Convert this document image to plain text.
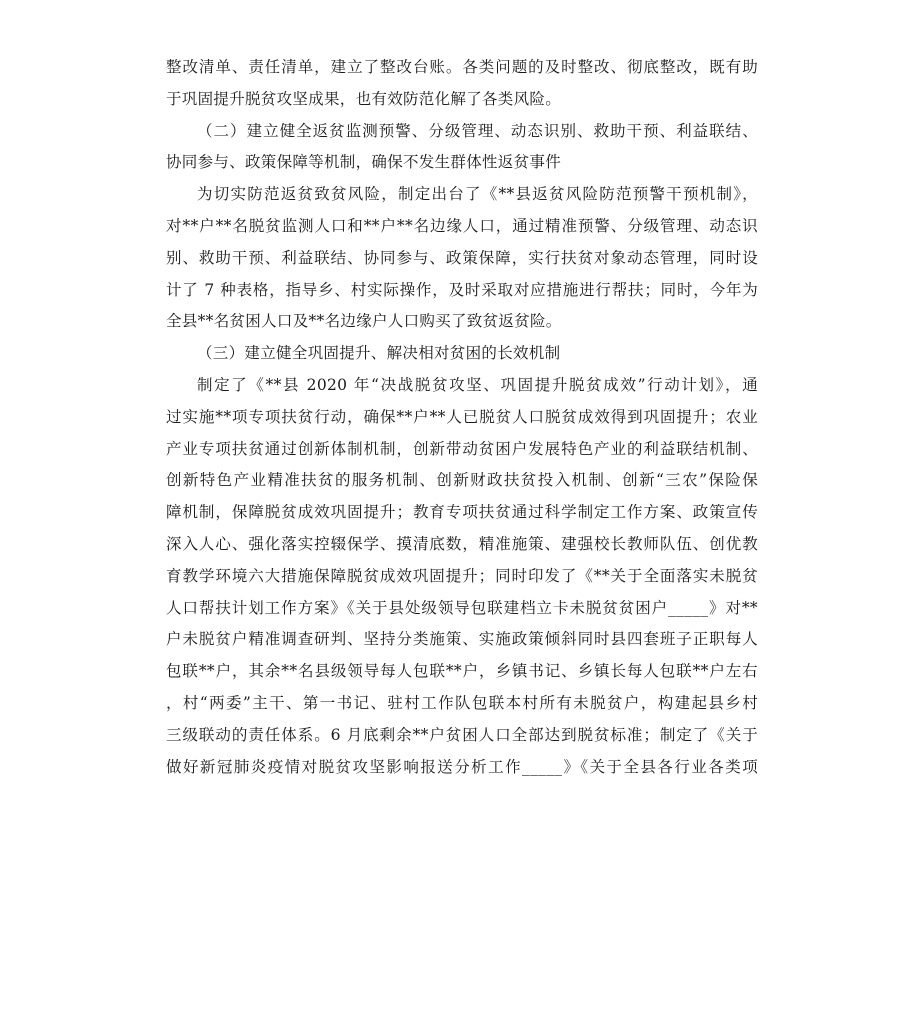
整改清单、责任清单，建立了整改台账。各类问题的及时整改、彻底整改，既有助
于巩固提升脱贫攻坚成果，也有效防范化解了各类风险。
（二）建立健全返贫监测预警、分级管理、动态识别、救助干预、利益联结、
协同参与、政策保障等机制，确保不发生群体性返贫事件
为切实防范返贫致贫风险，制定出台了《**县返贫风险防范预警干预机制》，
对**户**名脱贫监测人口和**户**名边缘人口，通过精准预警、分级管理、动态识
别、救助干预、利益联结、协同参与、政策保障，实行扶贫对象动态管理，同时设
计了 7 种表格，指导乡、村实际操作，及时采取对应措施进行帮扶；同时，今年为
全县**名贫困人口及**名边缘户人口购买了致贫返贫险。
（三）建立健全巩固提升、解决相对贫困的长效机制
制定了《**县 2020 年“决战脱贫攻坚、巩固提升脱贫成效”行动计划》，通
过实施**项专项扶贫行动，确保**户**人已脱贫人口脱贫成效得到巩固提升；农业
产业专项扶贫通过创新体制机制，创新带动贫困户发展特色产业的利益联结机制、
创新特色产业精准扶贫的服务机制、创新财政扶贫投入机制、创新“三农”保险保
障机制，保障脱贫成效巩固提升；教育专项扶贫通过科学制定工作方案、政策宣传
深入人心、强化落实控辍保学、摸清底数，精准施策、建强校长教师队伍、创优教
育教学环境六大措施保障脱贫成效巩固提升；同时印发了《**关于全面落实未脱贫
人口帮扶计划工作方案》《关于县处级领导包联建档立卡未脱贫贫困户_____》对**
户未脱贫户精准调查研判、坚持分类施策、实施政策倾斜同时县四套班子正职每人
包联**户，其余**名县级领导每人包联**户，乡镇书记、乡镇长每人包联**户左右
，村“两委”主干、第一书记、驻村工作队包联本村所有未脱贫户，构建起县乡村
三级联动的责任体系。6 月底剩余**户贫困人口全部达到脱贫标准；制定了《关于
做好新冠肺炎疫情对脱贫攻坚影响报送分析工作_____》《关于全县各行业各类项
